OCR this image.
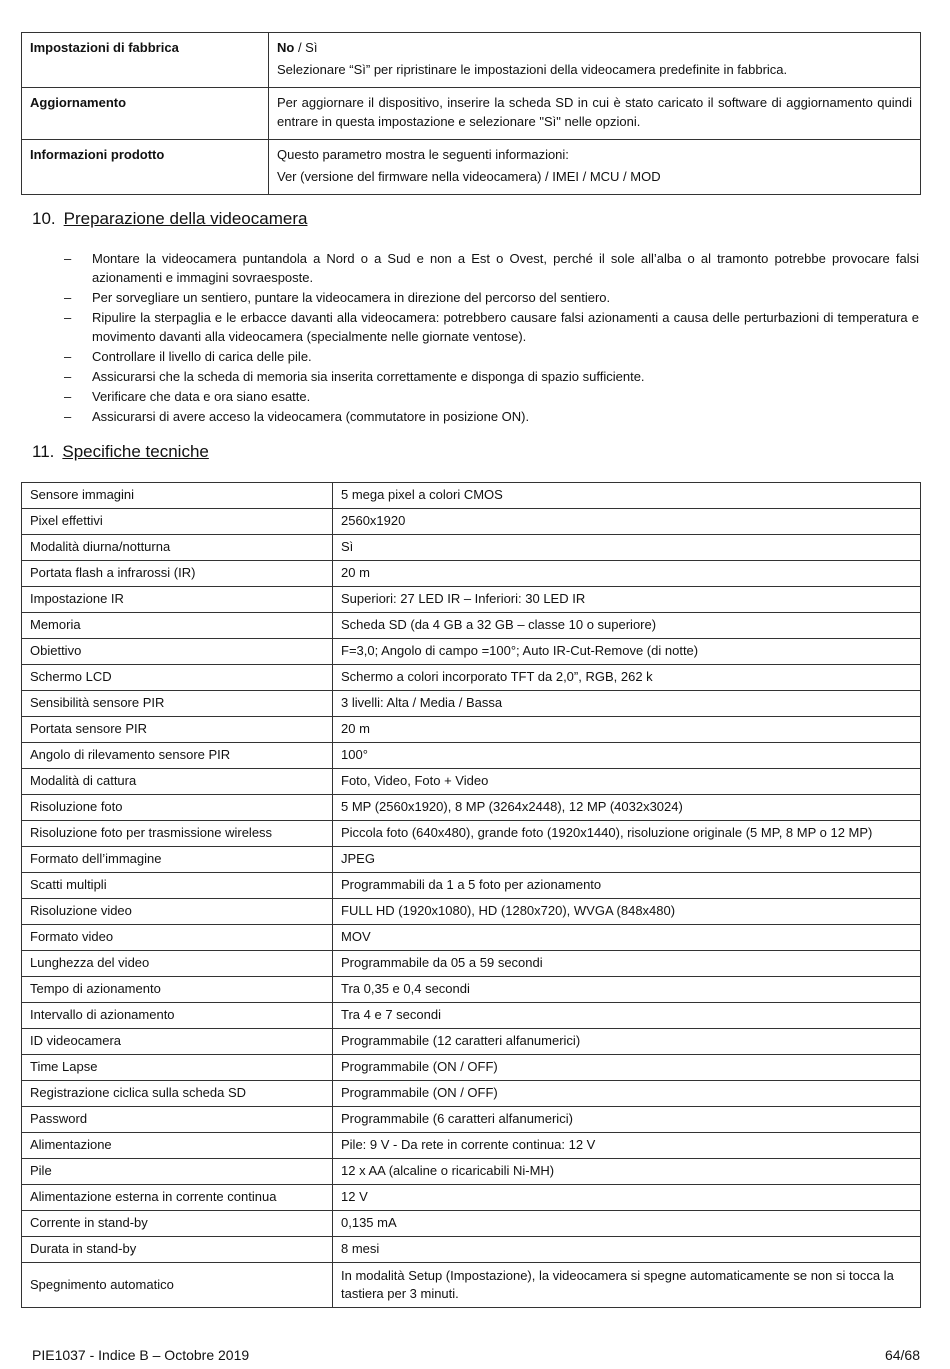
Impostazioni di fabbrica	No / Sì

Selezionare “Sì” per ripristinare le impostazioni della videocamera predefinite in fabbrica.

Aggiornamento	Per aggiornare il dispositivo, inserire la scheda SD in cui è stato caricato il software di aggiornamento quindi entrare in questa impostazione e selezionare "Sì" nelle opzioni.

Informazioni prodotto	Questo parametro mostra le seguenti informazioni:

Ver (versione del firmware nella videocamera) / IMEI / MCU / MOD

10. Preparazione della videocamera
– Montare la videocamera puntandola a Nord o a Sud e non a Est o Ovest, perché il sole all’alba o al tramonto potrebbe provocare falsi azionamenti e immagini sovraesposte.
– Per sorvegliare un sentiero, puntare la videocamera in direzione del percorso del sentiero.
– Ripulire la sterpaglia e le erbacce davanti alla videocamera: potrebbero causare falsi azionamenti a causa delle perturbazioni di temperatura e movimento davanti alla videocamera (specialmente nelle giornate ventose).
– Controllare il livello di carica delle pile.
– Assicurarsi che la scheda di memoria sia inserita correttamente e disponga di spazio sufficiente.
– Verificare che data e ora siano esatte.
– Assicurarsi di avere acceso la videocamera (commutatore in posizione ON).
11. Specifiche tecniche
Sensore immagini	5 mega pixel a colori CMOS
Pixel effettivi	2560x1920
Modalità diurna/notturna	Sì
Portata flash a infrarossi (IR)	20 m
Impostazione IR	Superiori: 27 LED IR – Inferiori: 30 LED IR
Memoria	Scheda SD (da 4 GB a 32 GB – classe 10 o superiore)
Obiettivo	F=3,0; Angolo di campo =100°; Auto IR-Cut-Remove (di notte)
Schermo LCD	Schermo a colori incorporato TFT da 2,0”, RGB, 262 k
Sensibilità sensore PIR	3 livelli: Alta / Media / Bassa
Portata sensore PIR	20 m
Angolo di rilevamento sensore PIR	100°
Modalità di cattura	Foto, Video, Foto + Video
Risoluzione foto	5 MP (2560x1920), 8 MP (3264x2448), 12 MP (4032x3024)
Risoluzione foto per trasmissione wireless	Piccola foto (640x480), grande foto (1920x1440), risoluzione originale (5 MP, 8 MP o 12 MP)
Formato dell’immagine	JPEG
Scatti multipli	Programmabili da 1 a 5 foto per azionamento
Risoluzione video	FULL HD (1920x1080), HD (1280x720), WVGA (848x480)
Formato video	MOV
Lunghezza del video	Programmabile da 05 a 59 secondi
Tempo di azionamento	Tra 0,35 e 0,4 secondi
Intervallo di azionamento	Tra 4 e 7 secondi
ID videocamera	Programmabile (12 caratteri alfanumerici)
Time Lapse	Programmabile (ON / OFF)
Registrazione ciclica sulla scheda SD	Programmabile (ON / OFF)
Password	Programmabile (6 caratteri alfanumerici)
Alimentazione	Pile: 9 V - Da rete in corrente continua: 12 V
Pile	12 x AA (alcaline o ricaricabili Ni-MH)
Alimentazione esterna in corrente continua	12 V
Corrente in stand-by	0,135 mA
Durata in stand-by	8 mesi
Spegnimento automatico	In modalità Setup (Impostazione), la videocamera si spegne automaticamente se non si tocca la tastiera per 3 minuti.
PIE1037 - Indice B – Octobre 2019	64/68
